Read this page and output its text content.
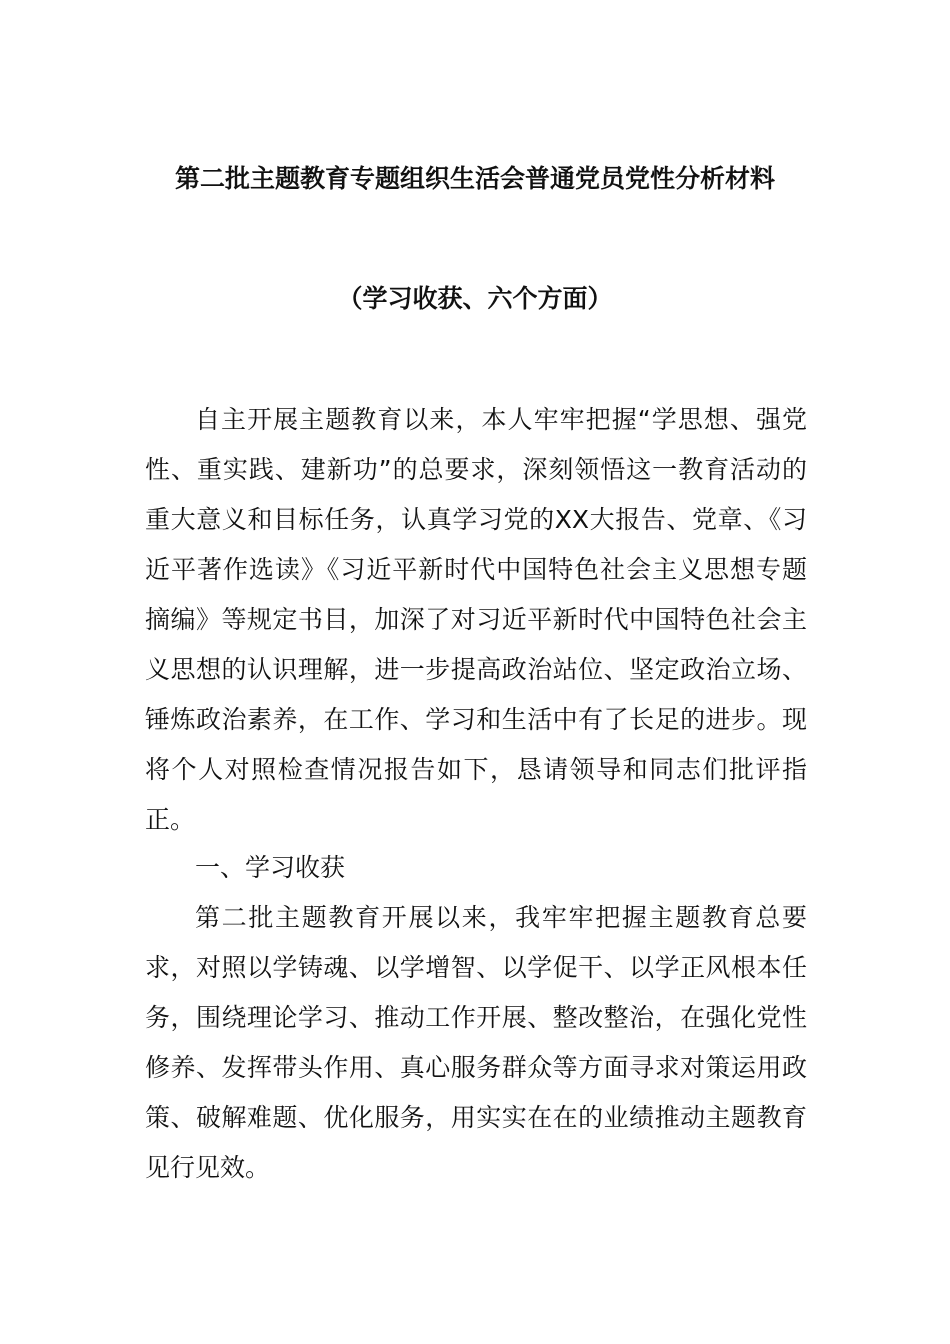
第二批主题教育专题组织生活会普通党员党性分析材料
（学习收获、六个方面）

自主开展主题教育以来，本人牢牢把握“学思想、强党性、重实践、建新功”的总要求，深刻领悟这一教育活动的重大意义和目标任务，认真学习党的XX大报告、党章、《习近平著作选读》《习近平新时代中国特色社会主义思想专题摘编》等规定书目，加深了对习近平新时代中国特色社会主义思想的认识理解，进一步提高政治站位、坚定政治立场、锤炼政治素养，在工作、学习和生活中有了长足的进步。现将个人对照检查情况报告如下，恳请领导和同志们批评指正。

一、学习收获

第二批主题教育开展以来，我牢牢把握主题教育总要求，对照以学铸魂、以学增智、以学促干、以学正风根本任务，围绕理论学习、推动工作开展、整改整治，在强化党性修养、发挥带头作用、真心服务群众等方面寻求对策运用政策、破解难题、优化服务，用实实在在的业绩推动主题教育见行见效。
